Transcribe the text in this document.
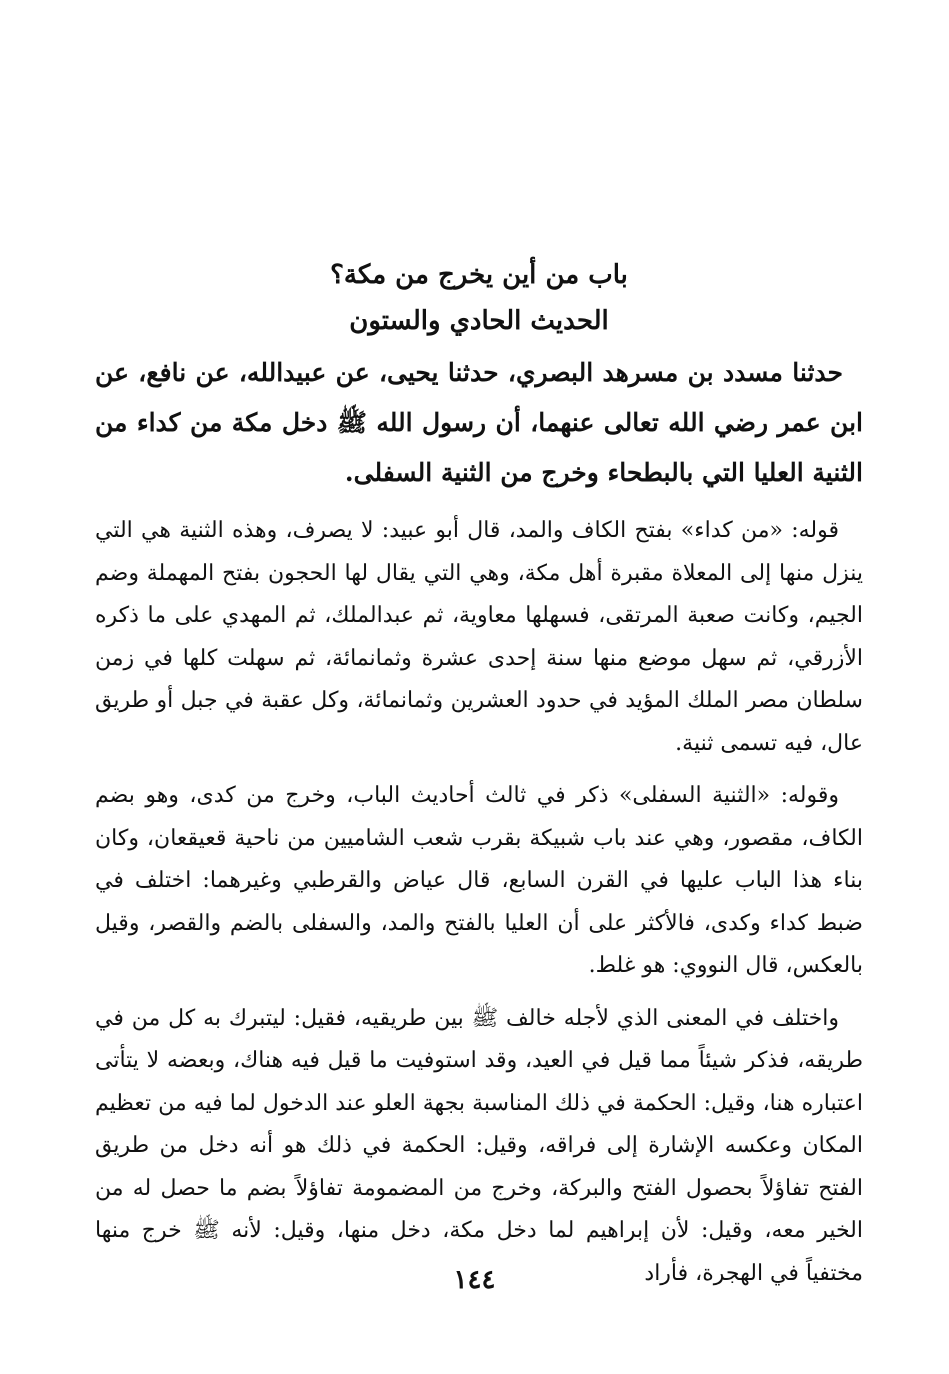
باب من أين يخرج من مكة؟
الحديث الحادي والستون

حدثنا مسدد بن مسرهد البصري، حدثنا يحيى، عن عبيدالله، عن نافع، عن ابن عمر رضي الله تعالى عنهما، أن رسول الله ﷺ دخل مكة من كداء من الثنية العليا التي بالبطحاء وخرج من الثنية السفلى.

قوله: «من كداء» بفتح الكاف والمد، قال أبو عبيد: لا يصرف، وهذه الثنية هي التي ينزل منها إلى المعلاة مقبرة أهل مكة، وهي التي يقال لها الحجون بفتح المهملة وضم الجيم، وكانت صعبة المرتقى، فسهلها معاوية، ثم عبدالملك، ثم المهدي على ما ذكره الأزرقي، ثم سهل موضع منها سنة إحدى عشرة وثمانمائة، ثم سهلت كلها في زمن سلطان مصر الملك المؤيد في حدود العشرين وثمانمائة، وكل عقبة في جبل أو طريق عال، فيه تسمى ثنية.

وقوله: «الثنية السفلى» ذكر في ثالث أحاديث الباب، وخرج من كدى، وهو بضم الكاف، مقصور، وهي عند باب شبيكة بقرب شعب الشاميين من ناحية قعيقعان، وكان بناء هذا الباب عليها في القرن السابع، قال عياض والقرطبي وغيرهما: اختلف في ضبط كداء وكدى، فالأكثر على أن العليا بالفتح والمد، والسفلى بالضم والقصر، وقيل بالعكس، قال النووي: هو غلط.

واختلف في المعنى الذي لأجله خالف ﷺ بين طريقيه، فقيل: ليتبرك به كل من في طريقه، فذكر شيئاً مما قيل في العيد، وقد استوفيت ما قيل فيه هناك، وبعضه لا يتأتى اعتباره هنا، وقيل: الحكمة في ذلك المناسبة بجهة العلو عند الدخول لما فيه من تعظيم المكان وعكسه الإشارة إلى فراقه، وقيل: الحكمة في ذلك هو أنه دخل من طريق الفتح تفاؤلاً بحصول الفتح والبركة، وخرج من المضمومة تفاؤلاً بضم ما حصل له من الخير معه، وقيل: لأن إبراهيم لما دخل مكة، دخل منها، وقيل: لأنه ﷺ خرج منها مختفياً في الهجرة، فأراد

١٤٤
